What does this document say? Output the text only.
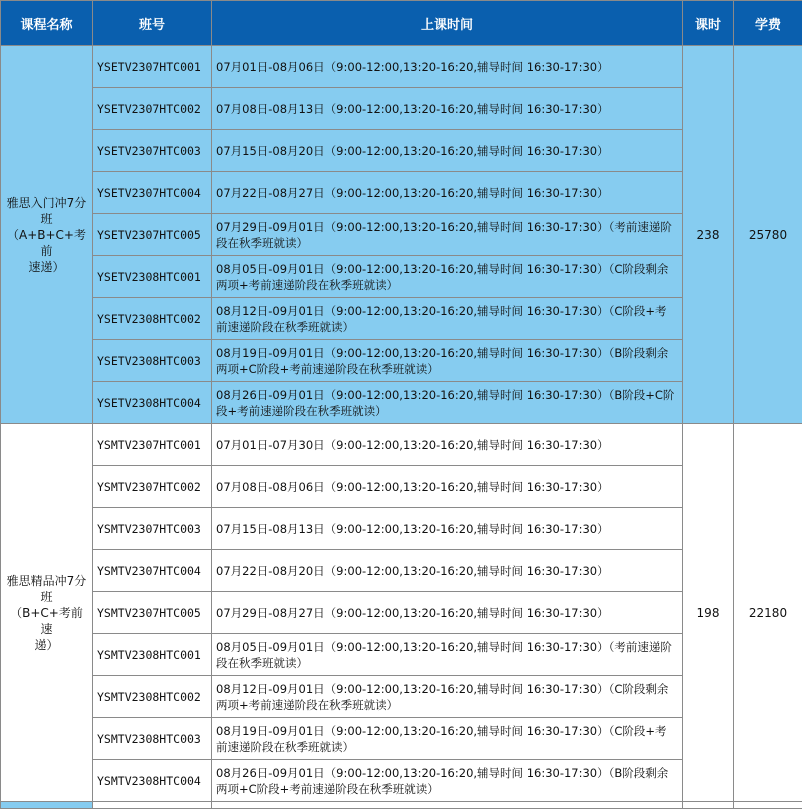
课程名称	班号	上课时间	课时	学费

雅思入门冲7分
班
（A+B+C+考前
速递）	YSETV2307HTC001	07月01日-08月06日（9:00-12:00,13:20-16:20,辅导时间 16:30-17:30）	238	25780
	YSETV2307HTC002	07月08日-08月13日（9:00-12:00,13:20-16:20,辅导时间 16:30-17:30）		
	YSETV2307HTC003	07月15日-08月20日（9:00-12:00,13:20-16:20,辅导时间 16:30-17:30）		
	YSETV2307HTC004	07月22日-08月27日（9:00-12:00,13:20-16:20,辅导时间 16:30-17:30）		
	YSETV2307HTC005	07月29日-09月01日（9:00-12:00,13:20-16:20,辅导时间 16:30-17:30）（考前速递阶段在秋季班就读）		
	YSETV2308HTC001	08月05日-09月01日（9:00-12:00,13:20-16:20,辅导时间 16:30-17:30）（C阶段剩余两项+考前速递阶段在秋季班就读）		
	YSETV2308HTC002	08月12日-09月01日（9:00-12:00,13:20-16:20,辅导时间 16:30-17:30）（C阶段+考前速递阶段在秋季班就读）		
	YSETV2308HTC003	08月19日-09月01日（9:00-12:00,13:20-16:20,辅导时间 16:30-17:30）（B阶段剩余两项+C阶段+考前速递阶段在秋季班就读）		
	YSETV2308HTC004	08月26日-09月01日（9:00-12:00,13:20-16:20,辅导时间 16:30-17:30）（B阶段+C阶段+考前速递阶段在秋季班就读）		

雅思精品冲7分
班
（B+C+考前速
递）	YSMTV2307HTC001	07月01日-07月30日（9:00-12:00,13:20-16:20,辅导时间 16:30-17:30）	198	22180
	YSMTV2307HTC002	07月08日-08月06日（9:00-12:00,13:20-16:20,辅导时间 16:30-17:30）		
	YSMTV2307HTC003	07月15日-08月13日（9:00-12:00,13:20-16:20,辅导时间 16:30-17:30）		
	YSMTV2307HTC004	07月22日-08月20日（9:00-12:00,13:20-16:20,辅导时间 16:30-17:30）		
	YSMTV2307HTC005	07月29日-08月27日（9:00-12:00,13:20-16:20,辅导时间 16:30-17:30）		
	YSMTV2308HTC001	08月05日-09月01日（9:00-12:00,13:20-16:20,辅导时间 16:30-17:30）（考前速递阶段在秋季班就读）		
	YSMTV2308HTC002	08月12日-09月01日（9:00-12:00,13:20-16:20,辅导时间 16:30-17:30）（C阶段剩余两项+考前速递阶段在秋季班就读）		
	YSMTV2308HTC003	08月19日-09月01日（9:00-12:00,13:20-16:20,辅导时间 16:30-17:30）（C阶段+考前速递阶段在秋季班就读）		
	YSMTV2308HTC004	08月26日-09月01日（9:00-12:00,13:20-16:20,辅导时间 16:30-17:30）（B阶段剩余两项+C阶段+考前速递阶段在秋季班就读）		
